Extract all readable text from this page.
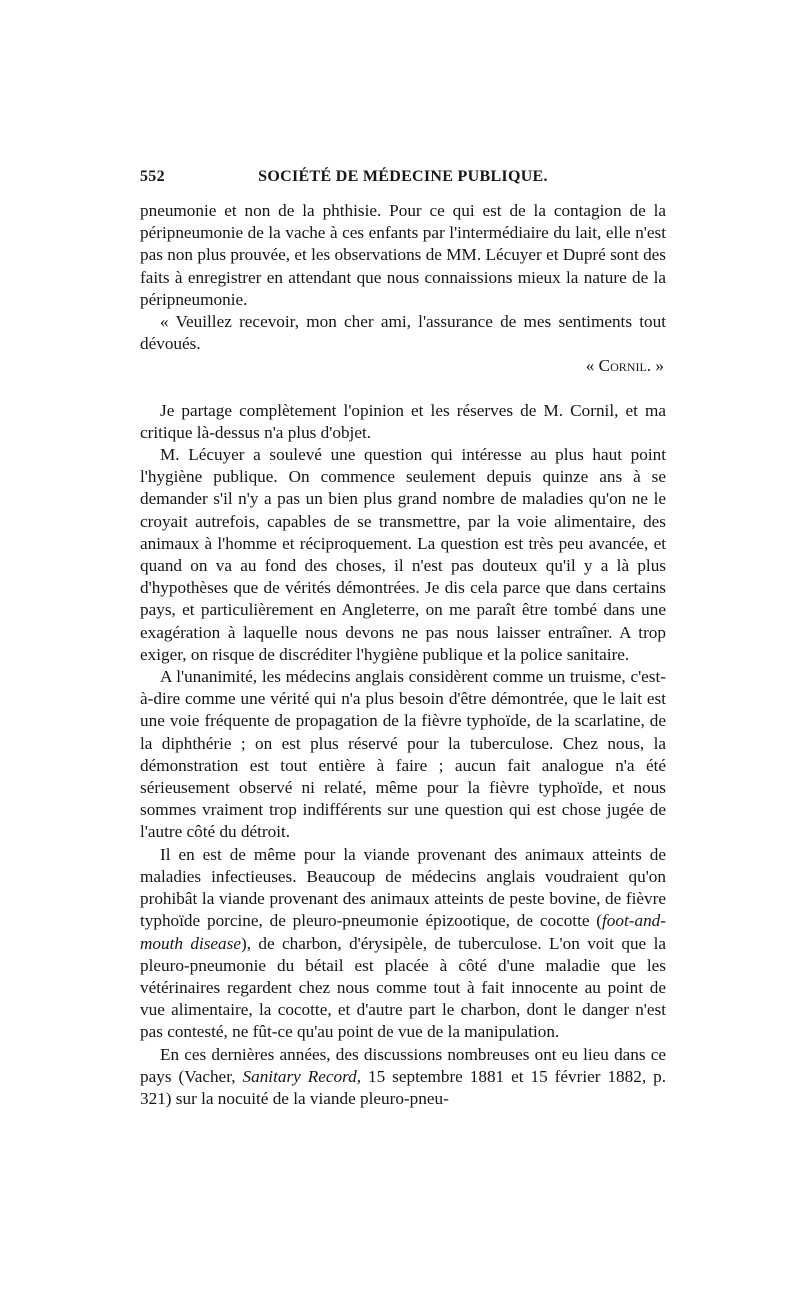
552	SOCIÉTÉ DE MÉDECINE PUBLIQUE.

pneumonie et non de la phthisie. Pour ce qui est de la contagion de la péripneumonie de la vache à ces enfants par l'intermédiaire du lait, elle n'est pas non plus prouvée, et les observations de MM. Lécuyer et Dupré sont des faits à enregistrer en attendant que nous connaissions mieux la nature de la péripneumonie.

« Veuillez recevoir, mon cher ami, l'assurance de mes sentiments tout dévoués.

« Cornil. »

Je partage complètement l'opinion et les réserves de M. Cornil, et ma critique là-dessus n'a plus d'objet.

M. Lécuyer a soulevé une question qui intéresse au plus haut point l'hygiène publique. On commence seulement depuis quinze ans à se demander s'il n'y a pas un bien plus grand nombre de maladies qu'on ne le croyait autrefois, capables de se transmettre, par la voie alimentaire, des animaux à l'homme et réciproquement. La question est très peu avancée, et quand on va au fond des choses, il n'est pas douteux qu'il y a là plus d'hypothèses que de vérités démontrées. Je dis cela parce que dans certains pays, et particulièrement en Angleterre, on me paraît être tombé dans une exagération à laquelle nous devons ne pas nous laisser entraîner. A trop exiger, on risque de discréditer l'hygiène publique et la police sanitaire.

A l'unanimité, les médecins anglais considèrent comme un truisme, c'est-à-dire comme une vérité qui n'a plus besoin d'être démontrée, que le lait est une voie fréquente de propagation de la fièvre typhoïde, de la scarlatine, de la diphthérie ; on est plus réservé pour la tuberculose. Chez nous, la démonstration est tout entière à faire ; aucun fait analogue n'a été sérieusement observé ni relaté, même pour la fièvre typhoïde, et nous sommes vraiment trop indifférents sur une question qui est chose jugée de l'autre côté du détroit.

Il en est de même pour la viande provenant des animaux atteints de maladies infectieuses. Beaucoup de médecins anglais voudraient qu'on prohibât la viande provenant des animaux atteints de peste bovine, de fièvre typhoïde porcine, de pleuro-pneumonie épizootique, de cocotte (foot-and-mouth disease), de charbon, d'érysipèle, de tuberculose. L'on voit que la pleuro-pneumonie du bétail est placée à côté d'une maladie que les vétérinaires regardent chez nous comme tout à fait innocente au point de vue alimentaire, la cocotte, et d'autre part le charbon, dont le danger n'est pas contesté, ne fût-ce qu'au point de vue de la manipulation.

En ces dernières années, des discussions nombreuses ont eu lieu dans ce pays (Vacher, Sanitary Record, 15 septembre 1881 et 15 février 1882, p. 321) sur la nocuité de la viande pleuro-pneu-
